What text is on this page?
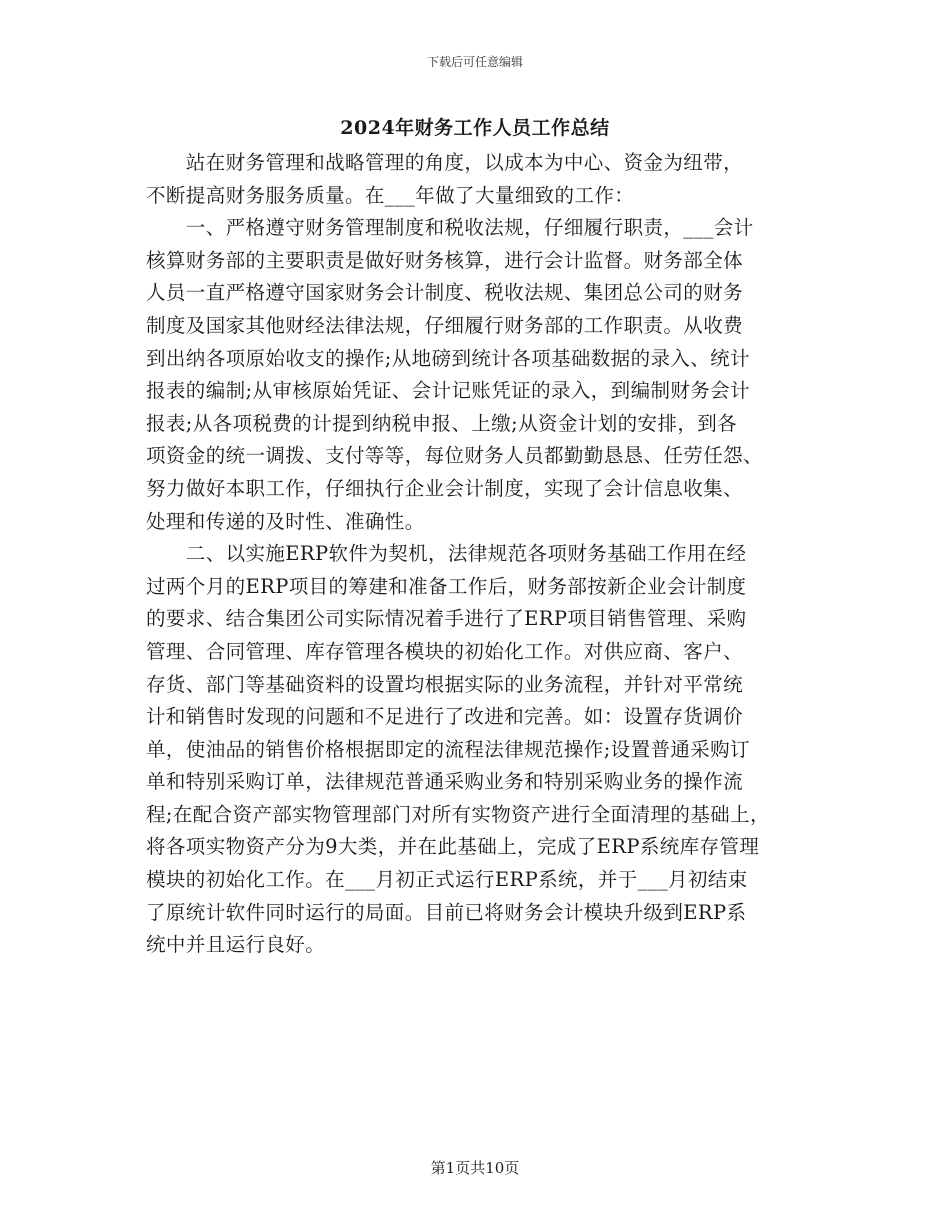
下载后可任意编辑
2024年财务工作人员工作总结
　　站在财务管理和战略管理的角度，以成本为中心、资金为纽带，
不断提高财务服务质量。在___年做了大量细致的工作：
　　一、严格遵守财务管理制度和税收法规，仔细履行职责，___会计
核算财务部的主要职责是做好财务核算，进行会计监督。财务部全体
人员一直严格遵守国家财务会计制度、税收法规、集团总公司的财务
制度及国家其他财经法律法规，仔细履行财务部的工作职责。从收费
到出纳各项原始收支的操作;从地磅到统计各项基础数据的录入、统计
报表的编制;从审核原始凭证、会计记账凭证的录入，到编制财务会计
报表;从各项税费的计提到纳税申报、上缴;从资金计划的安排，到各
项资金的统一调拨、支付等等，每位财务人员都勤勤恳恳、任劳任怨、
努力做好本职工作，仔细执行企业会计制度，实现了会计信息收集、
处理和传递的及时性、准确性。
　　二、以实施ERP软件为契机，法律规范各项财务基础工作用在经
过两个月的ERP项目的筹建和准备工作后，财务部按新企业会计制度
的要求、结合集团公司实际情况着手进行了ERP项目销售管理、采购
管理、合同管理、库存管理各模块的初始化工作。对供应商、客户、
存货、部门等基础资料的设置均根据实际的业务流程，并针对平常统
计和销售时发现的问题和不足进行了改进和完善。如：设置存货调价
单，使油品的销售价格根据即定的流程法律规范操作;设置普通采购订
单和特别采购订单，法律规范普通采购业务和特别采购业务的操作流
程;在配合资产部实物管理部门对所有实物资产进行全面清理的基础上，
将各项实物资产分为9大类，并在此基础上，完成了ERP系统库存管理
模块的初始化工作。在___月初正式运行ERP系统，并于___月初结束
了原统计软件同时运行的局面。目前已将财务会计模块升级到ERP系
统中并且运行良好。
第1页共10页
